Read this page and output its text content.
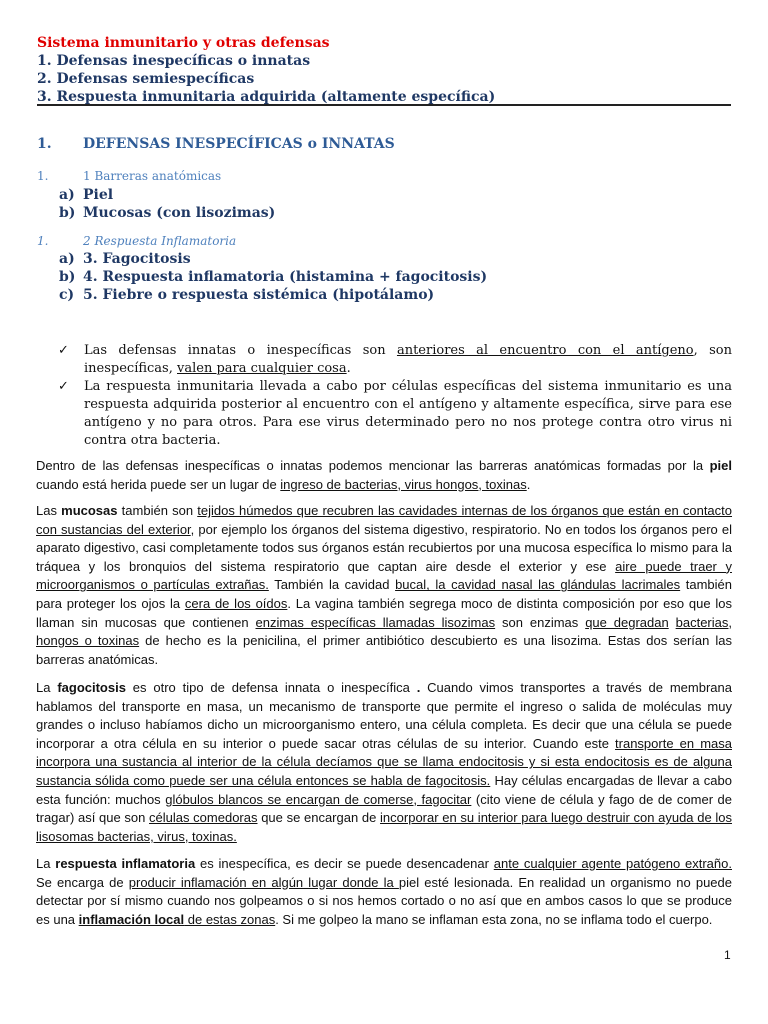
Sistema inmunitario y otras defensas
1. Defensas inespecíficas o innatas
2. Defensas semiespecíficas
3. Respuesta inmunitaria adquirida (altamente específica)
1. DEFENSAS INESPECÍFICAS o INNATAS
1.	1 Barreras anatómicas
a) Piel
b) Mucosas (con lisozimas)
1.	2 Respuesta Inflamatoria
a) 3. Fagocitosis
b) 4. Respuesta inflamatoria (histamina + fagocitosis)
c) 5. Fiebre o respuesta sistémica (hipotálamo)
✓ Las defensas innatas o inespecíficas son anteriores al encuentro con el antígeno, son inespecíficas, valen para cualquier cosa.
✓ La respuesta inmunitaria llevada a cabo por células específicas del sistema inmunitario es una respuesta adquirida posterior al encuentro con el antígeno y altamente específica, sirve para ese antígeno y no para otros. Para ese virus determinado pero no nos protege contra otro virus ni contra otra bacteria.
Dentro de las defensas inespecíficas o innatas podemos mencionar las barreras anatómicas formadas por la piel cuando está herida puede ser un lugar de ingreso de bacterias, virus hongos, toxinas.
Las mucosas también son tejidos húmedos que recubren las cavidades internas de los órganos que están en contacto con sustancias del exterior, por ejemplo los órganos del sistema digestivo, respiratorio. No en todos los órganos pero el aparato digestivo, casi completamente todos sus órganos están recubiertos por una mucosa específica lo mismo para la tráquea y los bronquios del sistema respiratorio que captan aire desde el exterior y ese aire puede traer y microorganismos o partículas extrañas. También la cavidad bucal, la cavidad nasal las glándulas lacrimales también para proteger los ojos la cera de los oídos. La vagina también segrega moco de distinta composición por eso que los llaman sin mucosas que contienen enzimas específicas llamadas lisozimas son enzimas que degradan bacterias, hongos o toxinas de hecho es la penicilina, el primer antibiótico descubierto es una lisozima. Estas dos serían las barreras anatómicas.
La fagocitosis es otro tipo de defensa innata o inespecífica . Cuando vimos transportes a través de membrana hablamos del transporte en masa, un mecanismo de transporte que permite el ingreso o salida de moléculas muy grandes o incluso habíamos dicho un microorganismo entero, una célula completa. Es decir que una célula se puede incorporar a otra célula en su interior o puede sacar otras células de su interior. Cuando este transporte en masa incorpora una sustancia al interior de la célula decíamos que se llama endocitosis y si esta endocitosis es de alguna sustancia sólida como puede ser una célula entonces se habla de fagocitosis. Hay células encargadas de llevar a cabo esta función: muchos glóbulos blancos se encargan de comerse, fagocitar (cito viene de célula y fago de de comer de tragar) así que son células comedoras que se encargan de incorporar en su interior para luego destruir con ayuda de los lisosomas bacterias, virus, toxinas.
La respuesta inflamatoria es inespecífica, es decir se puede desencadenar ante cualquier agente patógeno extraño. Se encarga de producir inflamación en algún lugar donde la piel esté lesionada. En realidad un organismo no puede detectar por sí mismo cuando nos golpeamos o si nos hemos cortado o no así que en ambos casos lo que se produce es una inflamación local de estas zonas. Si me golpeo la mano se inflaman esta zona, no se inflama todo el cuerpo.
1
